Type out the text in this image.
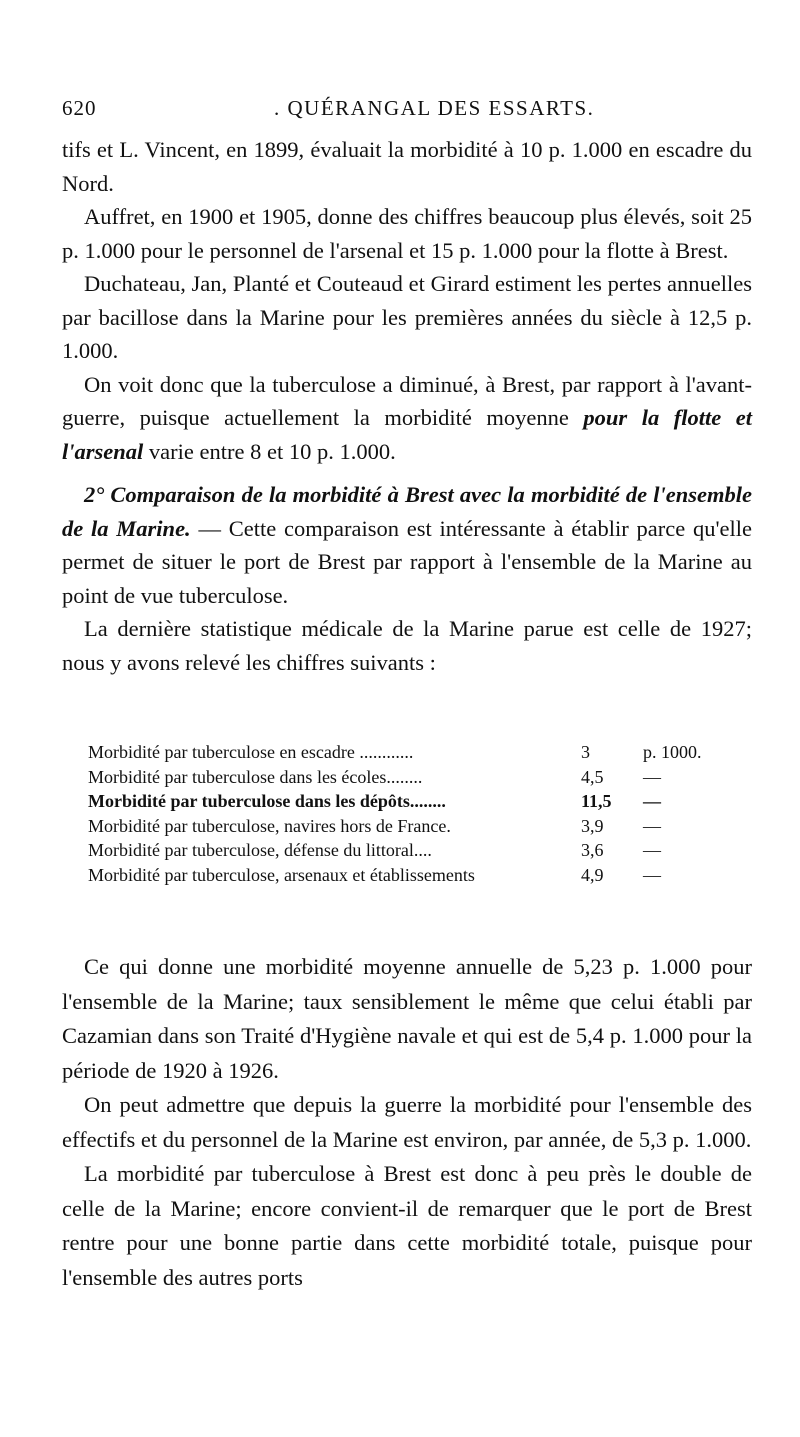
620	. QUÉRANGAL DES ESSARTS.

tifs et L. Vincent, en 1899, évaluait la morbidité à 10 p. 1.000 en escadre du Nord.

Auffret, en 1900 et 1905, donne des chiffres beaucoup plus élevés, soit 25 p. 1.000 pour le personnel de l'arsenal et 15 p. 1.000 pour la flotte à Brest.

Duchateau, Jan, Planté et Couteaud et Girard estiment les pertes annuelles par bacillose dans la Marine pour les premières années du siècle à 12,5 p. 1.000.

On voit donc que la tuberculose a diminué, à Brest, par rapport à l'avant-guerre, puisque actuellement la morbidité moyenne pour la flotte et l'arsenal varie entre 8 et 10 p. 1.000.

2° Comparaison de la morbidité à Brest avec la morbidité de l'ensemble de la Marine. — Cette comparaison est intéressante à établir parce qu'elle permet de situer le port de Brest par rapport à l'ensemble de la Marine au point de vue tuberculose.

La dernière statistique médicale de la Marine parue est celle de 1927; nous y avons relevé les chiffres suivants :

Morbidité par tuberculose en escadre ............	3	p. 1000.
Morbidité par tuberculose dans les écoles........	4,5	—
Morbidité par tuberculose dans les dépôts........	11,5	—
Morbidité par tuberculose, navires hors de France.	3,9	—
Morbidité par tuberculose, défense du littoral....	3,6	—
Morbidité par tuberculose, arsenaux et établissements	4,9	—

Ce qui donne une morbidité moyenne annuelle de 5,23 p. 1.000 pour l'ensemble de la Marine; taux sensiblement le même que celui établi par Cazamian dans son Traité d'Hygiène navale et qui est de 5,4 p. 1.000 pour la période de 1920 à 1926.

On peut admettre que depuis la guerre la morbidité pour l'ensemble des effectifs et du personnel de la Marine est environ, par année, de 5,3 p. 1.000.

La morbidité par tuberculose à Brest est donc à peu près le double de celle de la Marine; encore convient-il de remarquer que le port de Brest rentre pour une bonne partie dans cette morbidité totale, puisque pour l'ensemble des autres ports
